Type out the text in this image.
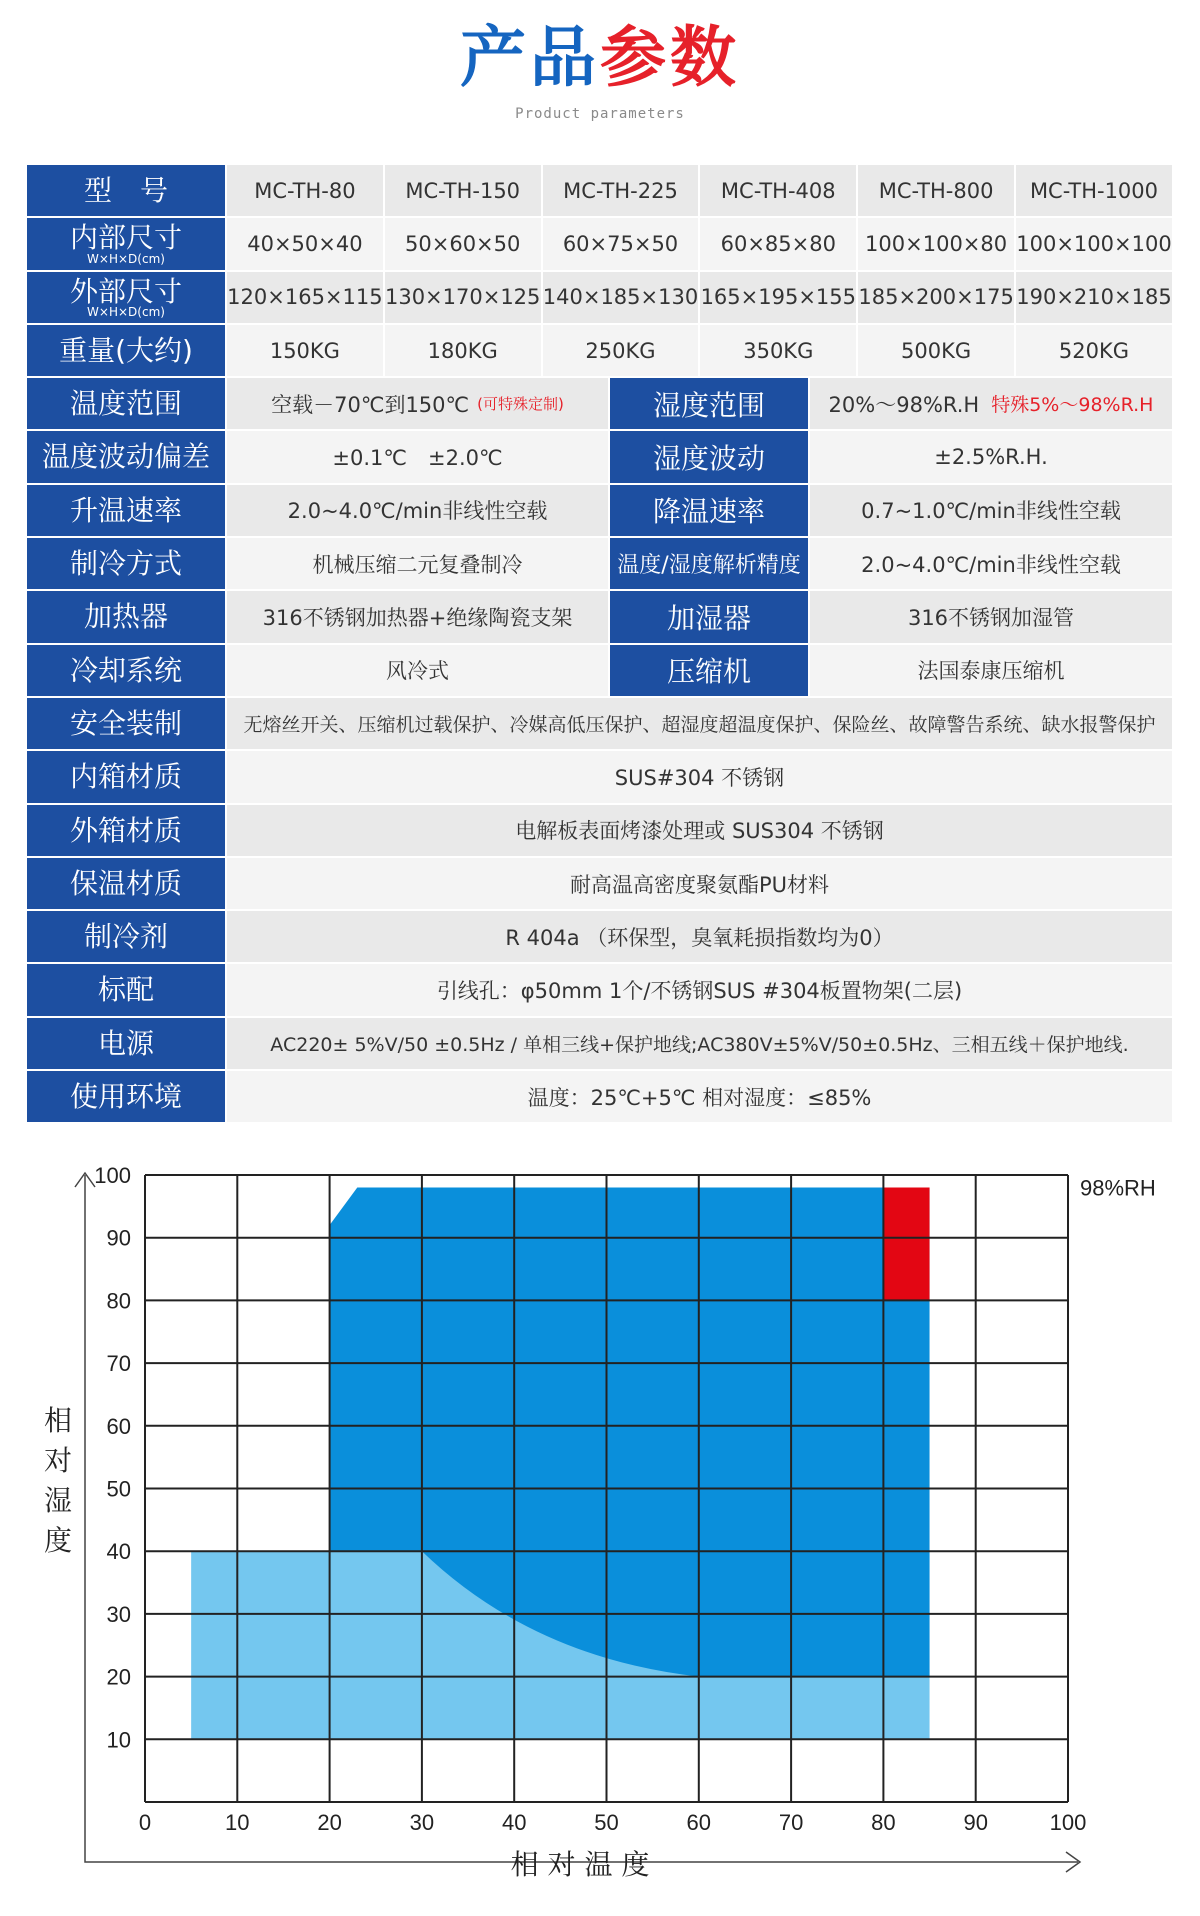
产品参数
Product parameters
型　号	MC-TH-80	MC-TH-150	MC-TH-225	MC-TH-408	MC-TH-800	MC-TH-1000
内部尺寸
W×H×D(cm)
40×50×40	50×60×50	60×75×50	60×85×80	100×100×80 100×100×100
外部尺寸
W×H×D(cm)
120×165×115 130×170×125 140×185×130 165×195×155 185×200×175 190×210×185
重量(大约)	150KG	180KG	250KG	350KG	500KG	520KG
温度范围	空载－70℃到150℃ (可特殊定制)	湿度范围	20%～98%R.H 特殊5%～98%R.H
温度波动偏差	±0.1℃　±2.0℃	湿度波动	±2.5%R.H.
升温速率	2.0~4.0℃/min非线性空载	降温速率	0.7~1.0℃/min非线性空载
制冷方式	机械压缩二元复叠制冷	温度/湿度解析精度	2.0~4.0℃/min非线性空载
加热器	316不锈钢加热器+绝缘陶瓷支架	加湿器	316不锈钢加湿管
冷却系统	风冷式	压缩机	法国泰康压缩机
安全装制	无熔丝开关、压缩机过载保护、冷媒高低压保护、超湿度超温度保护、保险丝、故障警告系统、缺水报警保护
内箱材质	SUS#304 不锈钢
外箱材质	电解板表面烤漆处理或 SUS304 不锈钢
保温材质	耐高温高密度聚氨酯PU材料
制冷剂	R 404a （环保型，臭氧耗损指数均为0）
标配	引线孔：φ50mm 1个/不锈钢SUS #304板置物架(二层)
电源	AC220± 5%V/50 ±0.5Hz / 单相三线+保护地线;AC380V±5%V/50±0.5Hz、三相五线＋保护地线.
使用环境	温度：25℃+5℃ 相对湿度：≤85%
0	10	20	30	40	50	60	70	80	90	100
10
20
30
40
50
60
70
80
90
100
98%RH
相 对 温 度
相
对
湿
度
